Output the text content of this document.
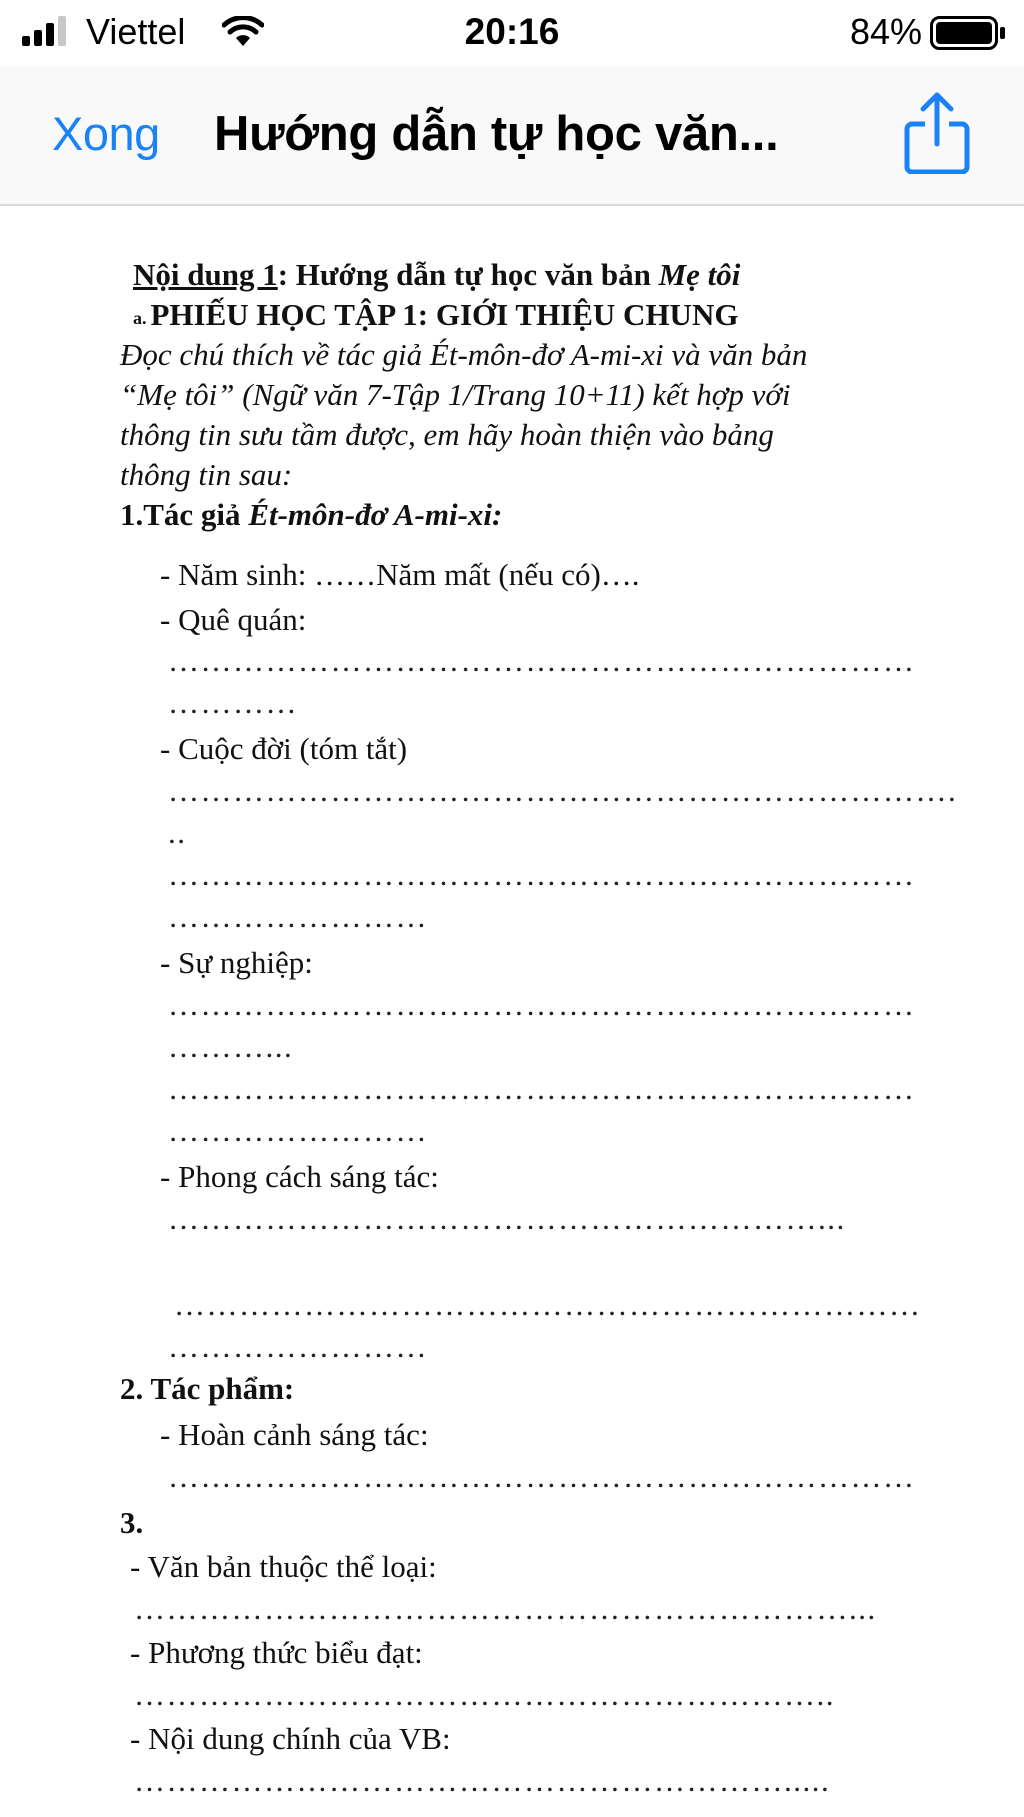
Viettel	20:16	84%
Xong Hướng dẫn tự học văn...
Nội dung 1: Hướng dẫn tự học văn bản Mẹ tôi
a. PHIẾU HỌC TẬP 1: GIỚI THIỆU CHUNG
Đọc chú thích về tác giả Ét-môn-đơ A-mi-xi và văn bản
“Mẹ tôi” (Ngữ văn 7-Tập 1/Trang 10+11) kết hợp với
thông tin sưu tầm được, em hãy hoàn thiện vào bảng
thông tin sau:
1.Tác giả Ét-môn-đơ A-mi-xi:
- Năm sinh: ……Năm mất (nếu có)….
- Quê quán:
……………………………………………………………
…………
- Cuộc đời (tóm tắt)
……………………………………………………………….
..
……………………………………………………………
……………………
- Sự nghiệp:
……………………………………………………………
………...
……………………………………………………………
……………………
- Phong cách sáng tác:
……………………………………………………...
……………………………………………………………
……………………
2. Tác phẩm:
- Hoàn cảnh sáng tác:
……………………………………………………………
3.
- Văn bản thuộc thể loại:
…………………………………………………………...
- Phương thức biểu đạt:
………………………………………………………..
- Nội dung chính của VB:
…………………………………………………….....
